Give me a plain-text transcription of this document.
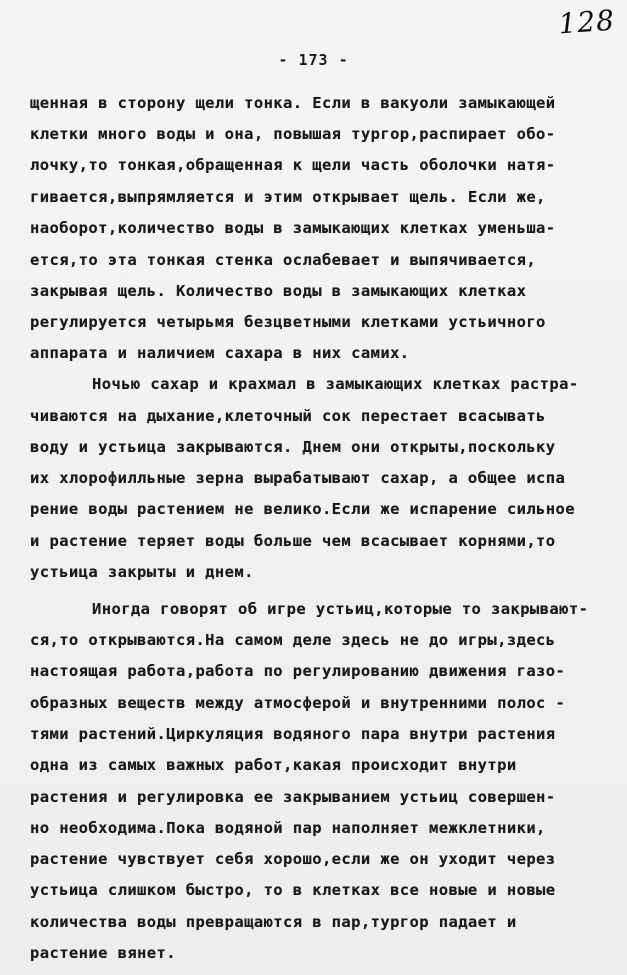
128
- 173 -
щенная в сторону щели тонка. Если в вакуоли замыкающей
клетки много воды и она, повышая тургор,распирает обо-
лочку,то тонкая,обращенная к щели часть оболочки натя-
гивается,выпрямляется и этим открывает щель. Если же,
наоборот,количество воды в замыкающих клетках уменьша-
ется,то эта тонкая стенка ослабевает и выпячивается,
закрывая щель. Количество воды в замыкающих клетках
регулируется четырьмя безцветными клетками устьичного
аппарата и наличием сахара в них самих.
Ночью сахар и крахмал в замыкающих клетках растра-
чиваются на дыхание,клеточный сок перестает всасывать
воду и устьица закрываются. Днем они открыты,поскольку
их хлорофилльные зерна вырабатывают сахар, а общее испа
рение воды растением не велико.Если же испарение сильное
и растение теряет воды больше чем всасывает корнями,то
устьица закрыты и днем.
Иногда говорят об игре устьиц,которые то закрывают-
ся,то открываются.На самом деле здесь не до игры,здесь
настоящая работа,работа по регулированию движения газо-
образных веществ между атмосферой и внутренними полос -
тями растений.Циркуляция водяного пара внутри растения
одна из самых важных работ,какая происходит внутри
растения и регулировка ее закрыванием устьиц совершен-
но необходима.Пока водяной пар наполняет межклетники,
растение чувствует себя хорошо,если же он уходит через
устьица слишком быстро, то в клетках все новые и новые
количества воды превращаются в пар,тургор падает и
растение вянет.
